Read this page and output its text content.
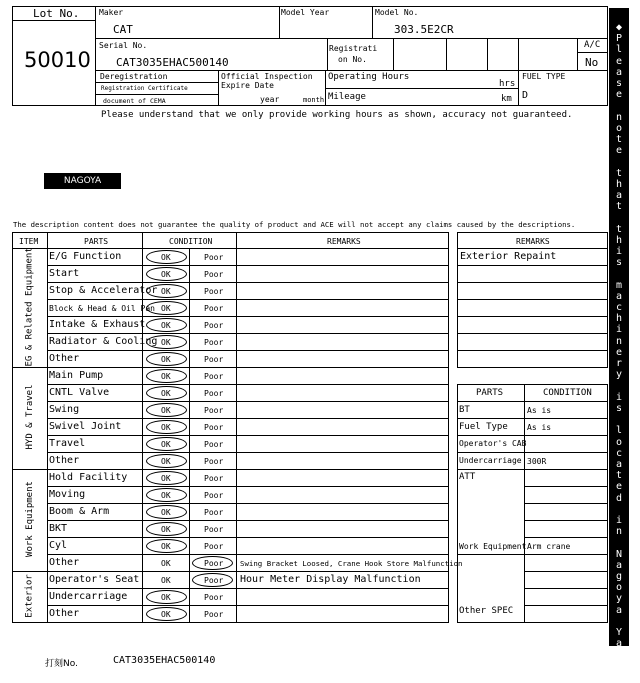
Lot No.
50010
Maker
CAT
Model Year	Model No.
303.5E2CR
Serial No.
CAT3035EHAC500140
Registrati
on No.
A/C
No
Deregistration
Registration Certificate
document of CEMA
Official Inspection
Expire Date
year	month
Operating Hours
hrs
Mileage	km
FUEL TYPE
D
Please understand that we only provide working hours as shown, accuracy not guaranteed.
NAGOYA
The description content does not guarantee the quality of product and ACE will not accept any claims caused by the descriptions.
ITEM	PARTS	CONDITION	REMARKS
E/G Function	OK	Poor
Start	OK	Poor
Stop & Accelerator OK	Poor
Block & Head & Oil Pan OK	Poor
Intake & Exhaust OK	Poor
Radiator & Cooling OK	Poor
Other	OK	Poor
EG & Related Equipment
Main Pump	OK	Poor
CNTL Valve	OK	Poor
Swing	OK	Poor
Swivel Joint	OK	Poor
Travel	OK	Poor
Other	OK	Poor
HYD & Travel
Hold Facility	OK	Poor
Moving	OK	Poor
Boom & Arm	OK	Poor
BKT	OK	Poor
Cyl	OK	Poor
Other	OK	Poor Swing Bracket Loosed, Crane Hook Store Malfunction
Work Equipment
Operator's Seat	OK	Poor Hour Meter Display Malfunction
Undercarriage	OK	Poor
Other	OK	Poor
Exterior
REMARKS
Exterior Repaint
PARTS	CONDITION
BT	As is
Fuel Type As is
Operator's CAB
Undercarriage 300R
ATT
Work Equipment Arm crane
Other SPEC
◆
P
l
e
a
s
e

n
o
t
e

t
h
a
t

t
h
i
s

m
a
c
h
i
n
e
r
y

i
s

l
o
c
a
t
e
d

i
n

N
a
g
o
y
a

Y
a
r
d
◆
打刻No.	CAT3035EHAC500140
